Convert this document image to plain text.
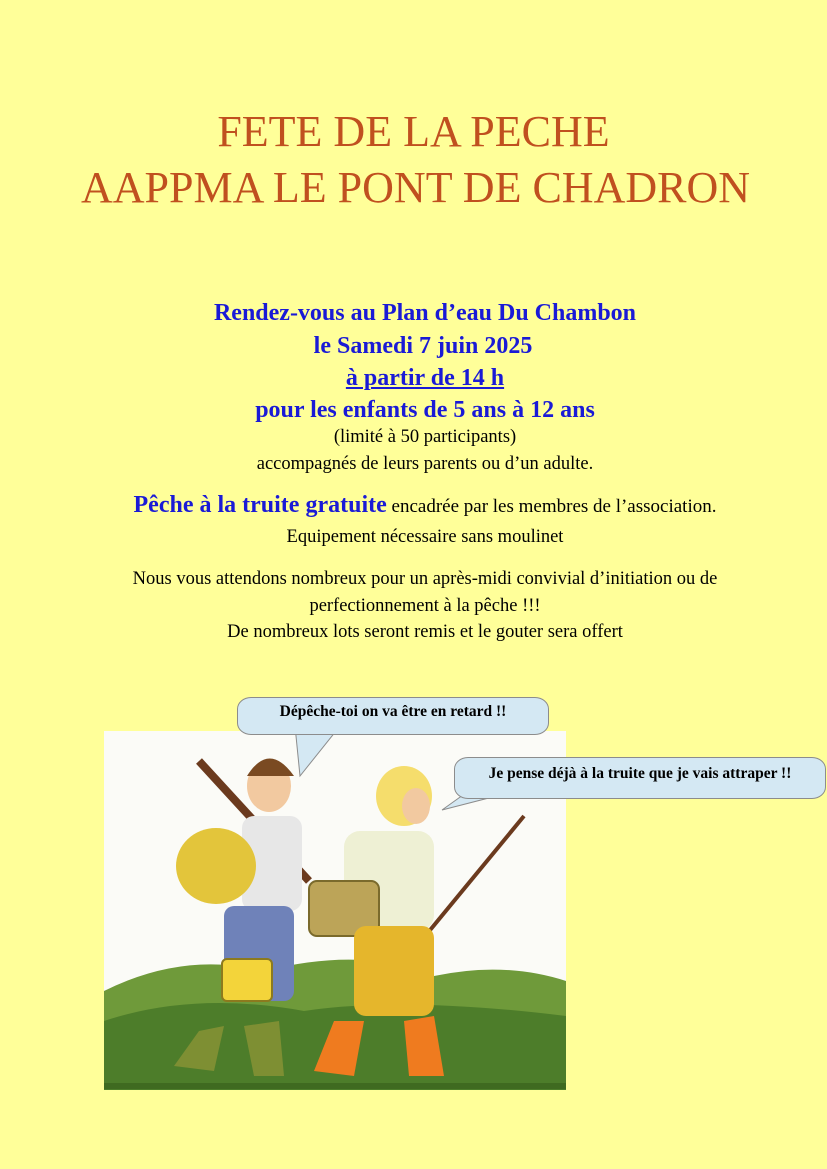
FETE DE LA PECHE
AAPPMA LE PONT DE CHADRON

Rendez-vous au Plan d’eau Du Chambon

le Samedi 7 juin 2025

à partir de 14 h

pour les enfants de 5 ans à 12 ans

(limité à 50 participants)

accompagnés de leurs parents ou d’un adulte.

Pêche à la truite gratuite encadrée par les membres de l’association.

Equipement nécessaire sans moulinet

Nous vous attendons nombreux pour un après-midi convivial d’initiation ou de

perfectionnement à la pêche !!!

De nombreux lots seront remis et le gouter sera offert

Dépêche-toi on va être en retard !!
Je pense déjà à la truite que je vais attraper !!
